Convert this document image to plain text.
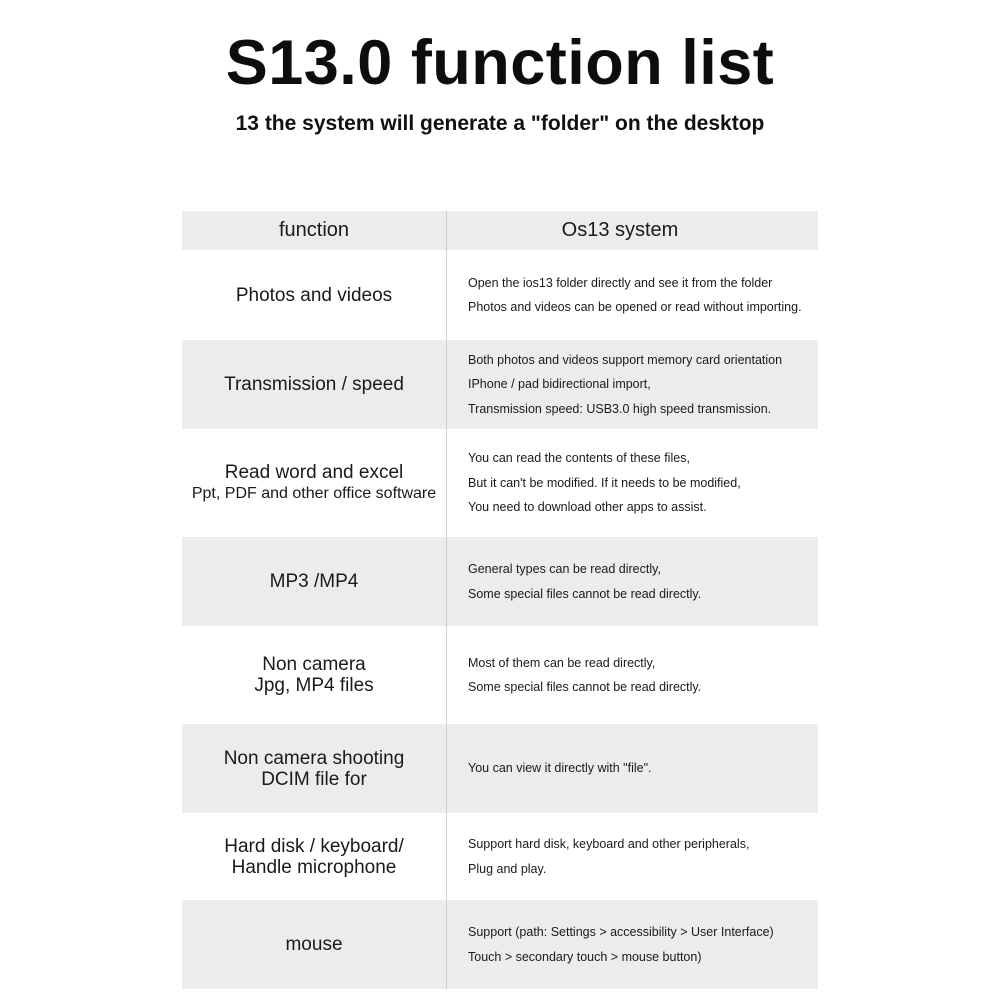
S13.0 function list
13 the system will generate a "folder" on the desktop
function	Os13 system
Photos and videos
Open the ios13 folder directly and see it from the folder
Photos and videos can be opened or read without importing.
Transmission / speed
Both photos and videos support memory card orientation
IPhone / pad bidirectional import,
Transmission speed: USB3.0 high speed transmission.
Read word and excel
Ppt, PDF and other office software
You can read the contents of these files,
But it can't be modified. If it needs to be modified,
You need to download other apps to assist.
MP3 /MP4
General types can be read directly,
Some special files cannot be read directly.
Non camera
Jpg, MP4 files
Most of them can be read directly,
Some special files cannot be read directly.
Non camera shooting
DCIM file for
You can view it directly with "file".
Hard disk / keyboard/
Handle microphone
Support hard disk, keyboard and other peripherals,
Plug and play.
mouse
Support (path: Settings > accessibility > User Interface)
Touch > secondary touch > mouse button)
